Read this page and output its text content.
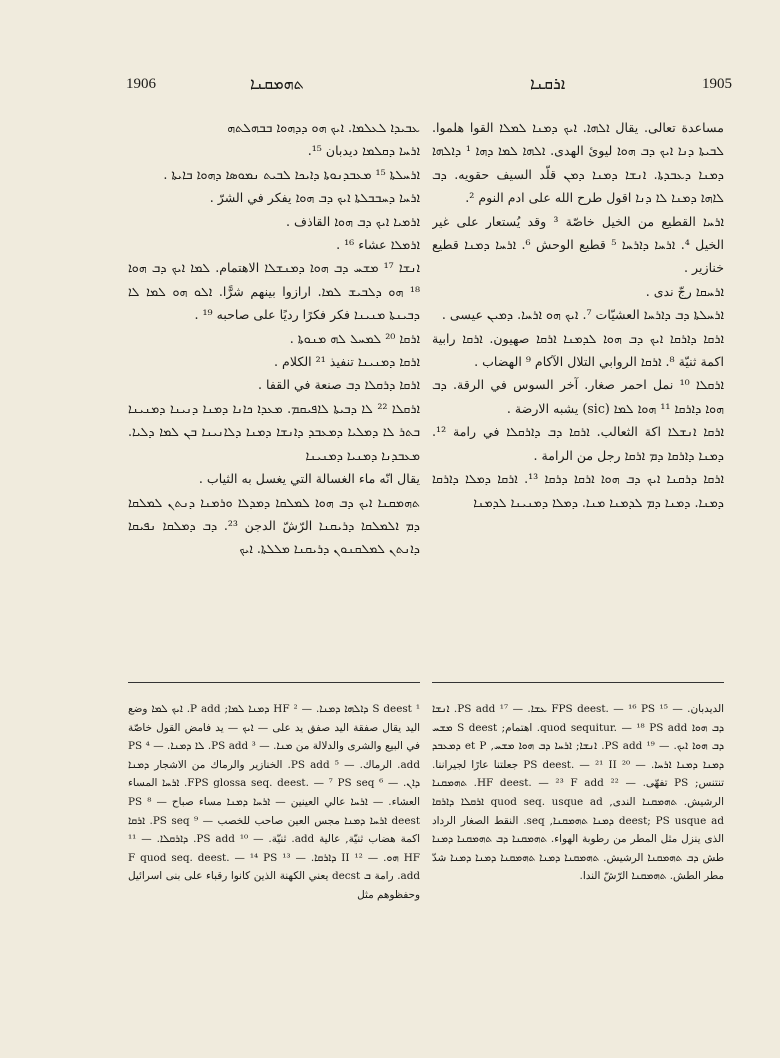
1906	ܬܗܡܩܢܐ	ܐܪܩܢܐ	1905

ܥܒܝܕܐ ܠܥܠܡܐ. ܐܝܟ ܗܘ ܕܕܗܘܐ ܒܒܗܠܬܗ

ܐܪܚܐ ܕܩܠܡܐ ديدبان ¹⁵.

ܐܪܚܠܬܐ ¹⁵ ܡܥܒܕܢܘܬܐ ܕܐܝܟܐ ܠܒܝܬ ܢܡܘܣܐ ܕܗܘܐ ܒܐܝܬܐ .

ܐܪܚܐ ܕܚܒܒܠܬܐ ܐܝܟ ܕܒ ܗܘܐ يفكر في الشرّ .

ܐܪܡܝܐ ܐܝܟ ܕܒ ܗܘܐ القاذف .

ܐܪܡܠܐ عشاء ¹⁶ .

ܐܢܫܐ ¹⁷ ܡܫܚ ܕܒ ܗܘܐ ܕܡܢܫܠܐ الاهتمام. ܠܡܐ ܐܝܟ ܕܒ ܗܘܐ ¹⁸ ܗܘ ܕܠܒܝܫ ܠܡܐ. ارازوا بينهم شرًّا. ܐܠܘ ܗܘ ܠܡܐ ܠܐ ܕܒܝܢܬܐ ܡܢܝܢܐ فكر فكرًا رديًا على صاحبه ¹⁹ .

ܐܪܩܐ ²⁰ ܠܡܚܠ ܠܗ ܡܢܘܬܐ .

ܐܪܩܐ ܕܡܢܝܢܐ تنفيذ ²¹ الكلام .

ܐܪܩܐ ܕܪܩܠܐ ܕܒ صنعة في القفا .

ܐܪܩܠܐ ²² ܠܐ ܕܒܝܬܐ ܠܐܦܝܩܡ. ܡܥܕܐ ܟܐܢܐ ܕܡܢܐ ܕܢܝܢܐ ܕܡܢܝܢܐ ܒܬܪ ܠܐ ܕܡܠܝܐ ܕܡܥܒܕ ܕܐܢܫܐ ܕܡܢܐ ܕܠܐܢܝܢܐ ܒܢ ܠܡܐ ܕܠܝܐ. ܡܥܒܕܢܐ ܕܡܢܝܐ ܕܡܢܝܢܐ

يقال انّه ماء الغسالة التي يغسل به الثياب .

ܬܗܡܩܢܐ ܐܝܟ ܕܒ ܗܘܐ ܠܡܠܩܐ ܕܡܕܠܐ ܘܪܡܢܐ ܕܢܬܢ ܠܡܠܩܐ ܕܡ ܐܠܡܠܩܐ ܕܪܝܩܢܐ الرّشّ الدجن ²³. ܕܒ ܕܡܠܩܐ ܢܦܝܩܐ ܕܐܢܬܢ ܠܡܠܩܢܘܢ ܕܪܝܩܢܐ ܡܠܠܬܐ. ܐܝܟ

مساعدة تعالى. يقال ܐܠܗܐ. ܐܝܟ ܕܡܢܐ ܠܡܠܐ القوا هلموا. ܠܒܝܬܐ ܕܢܐ ܐܝܟ ܕܒ ܗܘܐ ليوئ الهدى. ܐܠܗܐ ܠܡܐ ܕܗܐ ¹ ܕܐܠܗܐ ܕܡܢܐ ܕܥܒܕܬܐ. ܐܢܫܐ ܕܡܢܐ ܕܡܢ قلّد السيف حقويه. ܕܒ ܠܐܗܐ ܕܡܢܐ ܠܐ ܕܢܐ اقول طرح الله على ادم النوم ².

ܐܪܚܐ القطيع من الخيل خاصّة ³ وقد يُستعار على غير الخيل ⁴. ܐܪܚܐ ܕܐܪܚܐ ⁵ قطيع الوحش ⁶. ܐܪܚܐ ܕܡܢܐ قطيع خنازير .

ܐܪܚܩܐ رجّ ندى .

ܐܪܚܠܬܐ ܕܒ ܕܐܪܚܐ العشيّات ⁷. ܐܝܟ ܗܘ ܐܪܚܐ. ܕܡܝܢ عيسى .

ܐܪܩܐ ܕܐܪܩܐ ܐܝܟ ܕܒ ܗܘܐ ܠܕܡܢܐ ܐܪܩܐ صهيون. ܐܪܩܐ رابية اكمة ثنيّة ⁸. ܐܪܩܐ الروابي التلال الآكام ⁹ الهضاب .

ܐܪܩܠܐ ¹⁰ نمل احمر صغار. آخر السوس في الرقة. ܕܒ ܗܘܐ ܕܐܪܩܐ ¹¹ ܗܘܐ ܠܡܐ (sic) يشبه الارضة .

ܐܪܩܐ ܐܢܫܠܐ اكة الثعالب. ܐܪܩܐ ܕܒ ܕܐܪܩܠܐ في رامة ¹². ܕܡܢܐ ܕܐܪܩܐ ܕܡ ܐܪܩܐ رجل من الرامة .

ܐܪܩܐ ܕܪܩܢܐ ܐܝܟ ܕܒ ܗܘܐ ܐܪܩܐ ܕܪܩܐ ¹³. ܐܪܩܐ ܕܡܠܐ ܕܐܪܩܐ ܕܡܢܐ. ܕܡܢܐ ܕܡ ܠܕܡܢܐ ܡܢܐ. ܕܡܠܐ ܕܡܢܝܢܐ ܠܕܡܢܐ

¹ S deest ܕܐܠܗܐ ܕܡܢܐ. — ² HF ܕܡܢܐ ܠܡܐ; P add. ܐܝܟ ܠܡܐ وضع اليد يقال صفقة اليد صفق يد على — ܐܝܟ — يد فامض القول خاصّة في البيع والشرى والدلالة من ܡܢܐ. — ³ PS add. ܠܐ ܕܡܢܐ. — ⁴ PS add. الرماك. — ⁵ PS add. الخنازير والرماك من الاشجار ܕܡܢܐ ܕܐܢ. — ⁶ FPS glossa seq. deest. — ⁷ PS seq. ܐܪܚܐ المساء العشاء. — ܐܪܚܐ عالي العينين — ܐܪܚܐ ܕܡܢܐ مساء صباح — ⁸ PS deest ܐܪܚܐ ܕܡܢܐ مجس العين صاحب للخصب — ⁹ PS seq. ܐܪܩܐ اكمة هضاب ثنيّة, عالية add. ثنيّة. — ¹⁰ PS add. ܕܐܪܩܠܐ. — ¹¹ HF ܗܘ. — ¹² II ܕܐܪܩܐ. — ¹³ F quod seq. deest. — ¹⁴ PS add. رامة ܒ decst يعني الكهنة الذين كانوا رقباء على بنى اسرائيل وحفظوهم مثل

الديدبان. — ¹⁵ FPS deest. — ¹⁶ PS ܥܫܐ. — ¹⁷ PS add. ܐܢܫܐ ܕܒ ܗܘܐ quod sequitur. — ¹⁸ PS add. اهتمام; S deest ܡܫܚ ܕܒ ܗܘܐ ܐܝܟ. — ¹⁹ PS add. ܐܢܫܐ; ܐܪܚܐ ܕܒ ܗܘܐ ܡܫܚ, et P ܕܡܥܒܕ ܕܡܢܐ ܕܡܢܐ ܐܪܚܐ. — ²⁰ PS deest. — ²¹ II جعلتنا عارًا لجيراننا. تنتنس; PS تفهّى. — ²² HF deest. — ²³ F add. ܬܗܡܩܢܐ الرشيش. ܬܗܡܩܢܐ الندى, quod seq. usque ad ܐܪܩܠܐ ܕܐܪܩܐ deest; PS usque ad ܕܡܢܐ ܬܗܡܩܢܐ, seq. النقط الصغار الرداد الذى ينزل مثل المطر من رطوبة الهواء. ܬܗܡܩܢܐ ܕܒ ܬܗܡܩܢܐ ܕܡܢܐ طش ܕܒ ܬܗܡܩܢܐ الرشيش. ܬܗܡܩܢܐ ܕܡܢܐ ܬܗܡܩܢܐ ܕܡܢܐ ܕܡܢܐ شدّ مطر الطش. ܬܗܡܩܢܐ الرّشّ الندا.
